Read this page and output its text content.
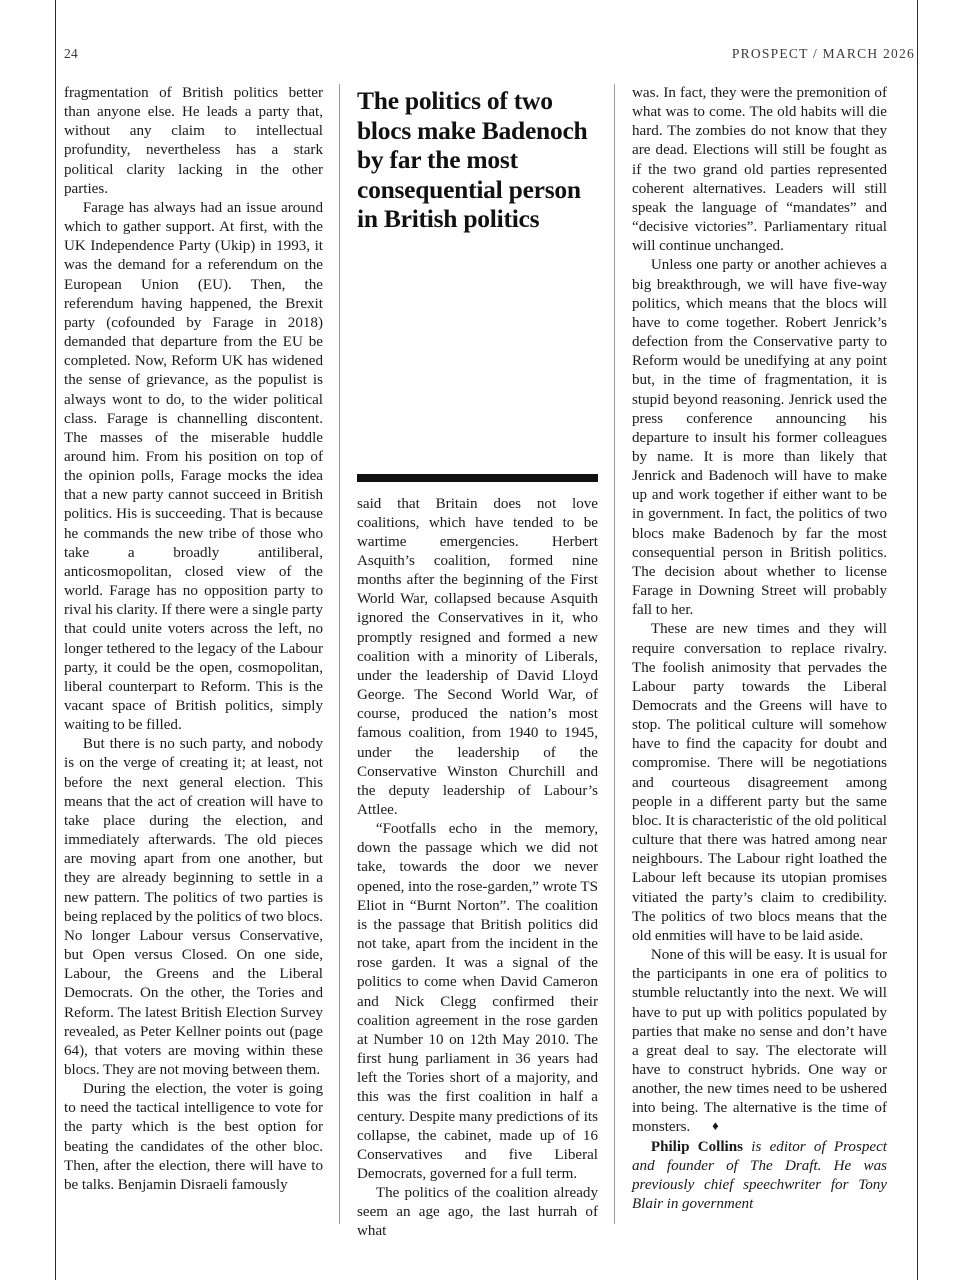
24	PROSPECT / MARCH 2026

fragmentation of British politics better than anyone else. He leads a party that, without any claim to intellectual profundity, nevertheless has a stark political clarity lacking in the other parties.

Farage has always had an issue around which to gather support. At first, with the UK Independence Party (Ukip) in 1993, it was the demand for a referendum on the European Union (EU). Then, the referendum having happened, the Brexit party (cofounded by Farage in 2018) demanded that departure from the EU be completed. Now, Reform UK has widened the sense of grievance, as the populist is always wont to do, to the wider political class. Farage is channelling discontent. The masses of the miserable huddle around him. From his position on top of the opinion polls, Farage mocks the idea that a new party cannot succeed in British politics. His is succeeding. That is because he commands the new tribe of those who take a broadly antiliberal, anticosmopolitan, closed view of the world. Farage has no opposition party to rival his clarity. If there were a single party that could unite voters across the left, no longer tethered to the legacy of the Labour party, it could be the open, cosmopolitan, liberal counterpart to Reform. This is the vacant space of British politics, simply waiting to be filled.

But there is no such party, and nobody is on the verge of creating it; at least, not before the next general election. This means that the act of creation will have to take place during the election, and immediately afterwards. The old pieces are moving apart from one another, but they are already beginning to settle in a new pattern. The politics of two parties is being replaced by the politics of two blocs. No longer Labour versus Conservative, but Open versus Closed. On one side, Labour, the Greens and the Liberal Democrats. On the other, the Tories and Reform. The latest British Election Survey revealed, as Peter Kellner points out (page 64), that voters are moving within these blocs. They are not moving between them.

During the election, the voter is going to need the tactical intelligence to vote for the party which is the best option for beating the candidates of the other bloc. Then, after the election, there will have to be talks. Benjamin Disraeli famously

The politics of two blocs make Badenoch by far the most consequential person in British politics

said that Britain does not love coalitions, which have tended to be wartime emergencies. Herbert Asquith’s coalition, formed nine months after the beginning of the First World War, collapsed because Asquith ignored the Conservatives in it, who promptly resigned and formed a new coalition with a minority of Liberals, under the leadership of David Lloyd George. The Second World War, of course, produced the nation’s most famous coalition, from 1940 to 1945, under the leadership of the Conservative Winston Churchill and the deputy leadership of Labour’s Attlee.

“Footfalls echo in the memory, down the passage which we did not take, towards the door we never opened, into the rose-garden,” wrote TS Eliot in “Burnt Norton”. The coalition is the passage that British politics did not take, apart from the incident in the rose garden. It was a signal of the politics to come when David Cameron and Nick Clegg confirmed their coalition agreement in the rose garden at Number 10 on 12th May 2010. The first hung parliament in 36 years had left the Tories short of a majority, and this was the first coalition in half a century. Despite many predictions of its collapse, the cabinet, made up of 16 Conservatives and five Liberal Democrats, governed for a full term.

The politics of the coalition already seem an age ago, the last hurrah of what

was. In fact, they were the premonition of what was to come. The old habits will die hard. The zombies do not know that they are dead. Elections will still be fought as if the two grand old parties represented coherent alternatives. Leaders will still speak the language of “mandates” and “decisive victories”. Parliamentary ritual will continue unchanged.

Unless one party or another achieves a big breakthrough, we will have five-way politics, which means that the blocs will have to come together. Robert Jenrick’s defection from the Conservative party to Reform would be unedifying at any point but, in the time of fragmentation, it is stupid beyond reasoning. Jenrick used the press conference announcing his departure to insult his former colleagues by name. It is more than likely that Jenrick and Badenoch will have to make up and work together if either want to be in government. In fact, the politics of two blocs make Badenoch by far the most consequential person in British politics. The decision about whether to license Farage in Downing Street will probably fall to her.

These are new times and they will require conversation to replace rivalry. The foolish animosity that pervades the Labour party towards the Liberal Democrats and the Greens will have to stop. The political culture will somehow have to find the capacity for doubt and compromise. There will be negotiations and courteous disagreement among people in a different party but the same bloc. It is characteristic of the old political culture that there was hatred among near neighbours. The Labour right loathed the Labour left because its utopian promises vitiated the party’s claim to credibility. The politics of two blocs means that the old enmities will have to be laid aside.

None of this will be easy. It is usual for the participants in one era of politics to stumble reluctantly into the next. We will have to put up with politics populated by parties that make no sense and don’t have a great deal to say. The electorate will have to construct hybrids. One way or another, the new times need to be ushered into being. The alternative is the time of monsters. ♦

Philip Collins is editor of Prospect and founder of The Draft. He was previously chief speechwriter for Tony Blair in government
